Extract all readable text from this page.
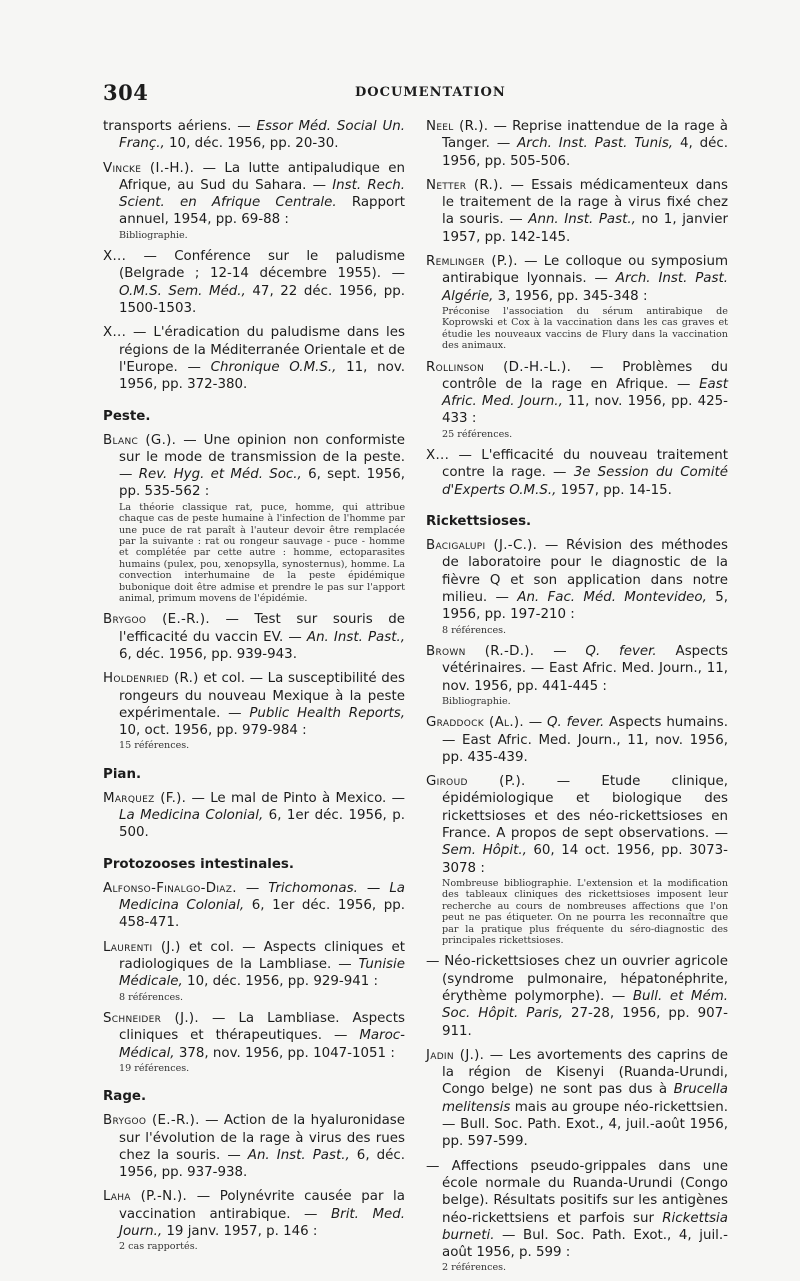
304	DOCUMENTATION
transports aériens. — Essor Méd. Social Un. Franç., 10, déc. 1956, pp. 20-30.
Vincke (I.-H.). — La lutte antipaludique en Afrique, au Sud du Sahara. — Inst. Rech. Scient. en Afrique Centrale. Rapport annuel, 1954, pp. 69-88 :
Bibliographie.
X... — Conférence sur le paludisme (Belgrade ; 12-14 décembre 1955). — O.M.S. Sem. Méd., 47, 22 déc. 1956, pp. 1500-1503.
X... — L'éradication du paludisme dans les régions de la Méditerranée Orientale et de l'Europe. — Chronique O.M.S., 11, nov. 1956, pp. 372-380.
Peste.
Blanc (G.). — Une opinion non conformiste sur le mode de transmission de la peste. — Rev. Hyg. et Méd. Soc., 6, sept. 1956, pp. 535-562 :
La théorie classique rat, puce, homme, qui attribue chaque cas de peste humaine à l'infection de l'homme par une puce de rat paraît à l'auteur devoir être remplacée par la suivante : rat ou rongeur sauvage - puce - homme et complétée par cette autre : homme, ectoparasites humains (pulex, pou, xenopsylla, synosternus), homme. La convection interhumaine de la peste épidémique bubonique doit être admise et prendre le pas sur l'apport animal, primum movens de l'épidémie.
Brygoo (E.-R.). — Test sur souris de l'efficacité du vaccin EV. — An. Inst. Past., 6, déc. 1956, pp. 939-943.
Holdenried (R.) et col. — La susceptibilité des rongeurs du nouveau Mexique à la peste expérimentale. — Public Health Reports, 10, oct. 1956, pp. 979-984 :
15 références.
Pian.
Marquez (F.). — Le mal de Pinto à Mexico. — La Medicina Colonial, 6, 1er déc. 1956, p. 500.
Protozooses intestinales.
Alfonso-Finalgo-Diaz. — Trichomonas. — La Medicina Colonial, 6, 1er déc. 1956, pp. 458-471.
Laurenti (J.) et col. — Aspects cliniques et radiologiques de la Lambliase. — Tunisie Médicale, 10, déc. 1956, pp. 929-941 :
8 références.
Schneider (J.). — La Lambliase. Aspects cliniques et thérapeutiques. — Maroc-Médical, 378, nov. 1956, pp. 1047-1051 :
19 références.
Rage.
Brygoo (E.-R.). — Action de la hyaluronidase sur l'évolution de la rage à virus des rues chez la souris. — An. Inst. Past., 6, déc. 1956, pp. 937-938.
Laha (P.-N.). — Polynévrite causée par la vaccination antirabique. — Brit. Med. Journ., 19 janv. 1957, p. 146 :
2 cas rapportés.
Neel (R.). — Reprise inattendue de la rage à Tanger. — Arch. Inst. Past. Tunis, 4, déc. 1956, pp. 505-506.
Netter (R.). — Essais médicamenteux dans le traitement de la rage à virus fixé chez la souris. — Ann. Inst. Past., no 1, janvier 1957, pp. 142-145.
Remlinger (P.). — Le colloque ou symposium antirabique lyonnais. — Arch. Inst. Past. Algérie, 3, 1956, pp. 345-348 :
Préconise l'association du sérum antirabique de Koprowski et Cox à la vaccination dans les cas graves et étudie les nouveaux vaccins de Flury dans la vaccination des animaux.
Rollinson (D.-H.-L.). — Problèmes du contrôle de la rage en Afrique. — East Afric. Med. Journ., 11, nov. 1956, pp. 425-433 :
25 références.
X... — L'efficacité du nouveau traitement contre la rage. — 3e Session du Comité d'Experts O.M.S., 1957, pp. 14-15.
Rickettsioses.
Bacigalupi (J.-C.). — Révision des méthodes de laboratoire pour le diagnostic de la fièvre Q et son application dans notre milieu. — An. Fac. Méd. Montevideo, 5, 1956, pp. 197-210 :
8 références.
Brown (R.-D.). — Q. fever. Aspects vétérinaires. — East Afric. Med. Journ., 11, nov. 1956, pp. 441-445 :
Bibliographie.
Graddock (Al.). — Q. fever. Aspects humains. — East Afric. Med. Journ., 11, nov. 1956, pp. 435-439.
Giroud (P.). — Etude clinique, épidémiologique et biologique des rickettsioses et des néo-rickettsioses en France. A propos de sept observations. — Sem. Hôpit., 60, 14 oct. 1956, pp. 3073-3078 :
Nombreuse bibliographie. L'extension et la modification des tableaux cliniques des rickettsioses imposent leur recherche au cours de nombreuses affections que l'on peut ne pas étiqueter. On ne pourra les reconnaître que par la pratique plus fréquente du séro-diagnostic des principales rickettsioses.
— Néo-rickettsioses chez un ouvrier agricole (syndrome pulmonaire, hépatonéphrite, érythème polymorphe). — Bull. et Mém. Soc. Hôpit. Paris, 27-28, 1956, pp. 907-911.
Jadin (J.). — Les avortements des caprins de la région de Kisenyi (Ruanda-Urundi, Congo belge) ne sont pas dus à Brucella melitensis mais au groupe néo-rickettsien. — Bull. Soc. Path. Exot., 4, juil.-août 1956, pp. 597-599.
— Affections pseudo-grippales dans une école normale du Ruanda-Urundi (Congo belge). Résultats positifs sur les antigènes néo-rickettsiens et parfois sur Rickettsia burneti. — Bul. Soc. Path. Exot., 4, juil.-août 1956, p. 599 :
2 références.
